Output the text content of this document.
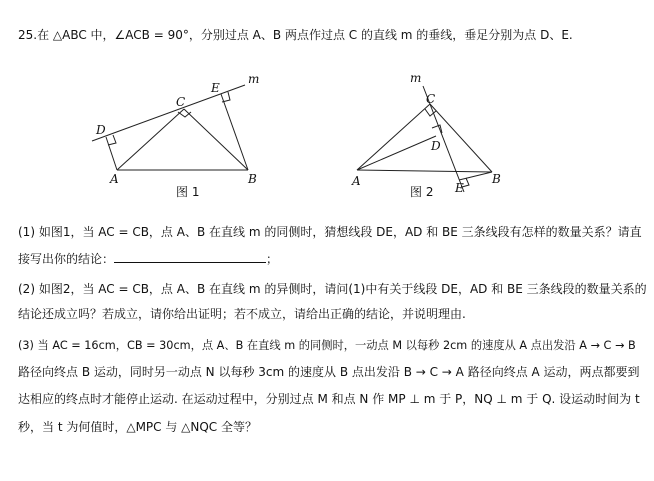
25.在 △ABC 中，∠ACB = 90°，分别过点 A、B 两点作过点 C 的直线 m 的垂线，垂足分别为点 D、E.
m
C
E
D
A	B
图 1
m
C
D
A	E
B
图 2
(1) 如图1，当 AC = CB，点 A、B 在直线 m 的同侧时，猜想线段 DE，AD 和 BE 三条线段有怎样的数量关系？请直
接写出你的结论：	；
(2) 如图2，当 AC = CB，点 A、B 在直线 m 的异侧时，请问(1)中有关于线段 DE，AD 和 BE 三条线段的数量关系的
结论还成立吗？若成立，请你给出证明；若不成立，请给出正确的结论，并说明理由.
(3) 当 AC = 16cm，CB = 30cm，点 A、B 在直线 m 的同侧时，一动点 M 以每秒 2cm 的速度从 A 点出发沿 A → C → B
路径向终点 B 运动，同时另一动点 N 以每秒 3cm 的速度从 B 点出发沿 B → C → A 路径向终点 A 运动，两点都要到
达相应的终点时才能停止运动. 在运动过程中，分别过点 M 和点 N 作 MP ⊥ m 于 P，NQ ⊥ m 于 Q. 设运动时间为 t
秒，当 t 为何值时，△MPC 与 △NQC 全等？
